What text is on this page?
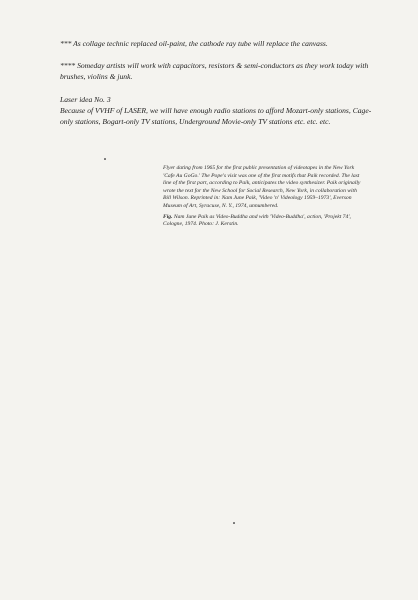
*** As collage technic replaced oil-paint, the cathode ray tube will replace the canvass.

**** Someday artists will work with capacitors, resistors & semi-conductors as they work today with brushes, violins & junk.

Laser idea No. 3

Because of VVHF of LASER, we will have enough radio stations to afford Mozart-only stations, Cage-only stations, Bogart-only TV stations, Underground Movie-only TV stations etc. etc. etc.

Flyer dating from 1965 for the first public presentation of videotapes in the New York 'Cafe Au GoGo.' The Pope's visit was one of the first motifs that Paik recorded. The last line of the first part, according to Paik, anticipates the video synthesizer. Paik originally wrote the text for the New School for Social Research, New York, in collaboration with Bill Wilson. Reprinted in: Nam June Paik, 'Video 'n' Videology 1959–1973', Everson Museum of Art, Syracuse, N. Y., 1974, unnumbered.

Fig. Nam June Paik as Video-Buddha and with 'Video-Buddha', action, 'Projekt 74', Cologne, 1974. Photo: J. Kerstin.
